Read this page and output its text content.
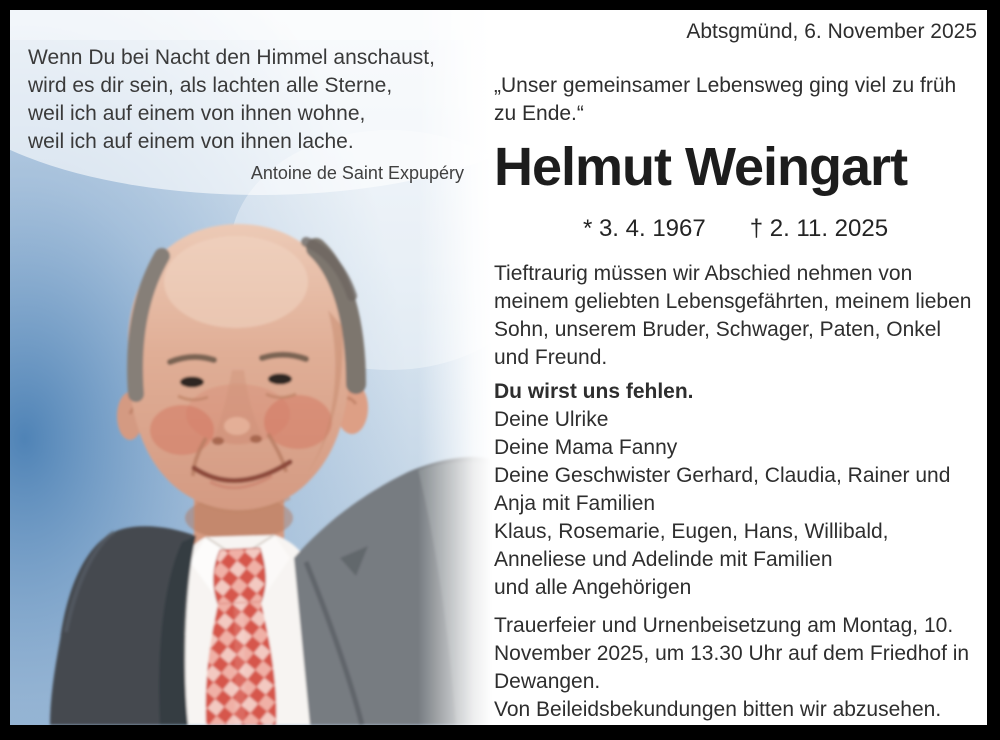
Wenn Du bei Nacht den Himmel anschaust,
wird es dir sein, als lachten alle Sterne,
weil ich auf einem von ihnen wohne,
weil ich auf einem von ihnen lache.
Antoine de Saint Expupéry
Abtsgmünd, 6. November 2025
„Unser gemeinsamer Lebensweg ging viel zu früh zu Ende.“
Helmut Weingart
* 3. 4. 1967 † 2. 11. 2025
Tieftraurig müssen wir Abschied nehmen von meinem geliebten Lebensgefährten, meinem lieben Sohn, unserem Bruder, Schwager, Paten, Onkel und Freund.
Du wirst uns fehlen.
Deine Ulrike
Deine Mama Fanny
Deine Geschwister Gerhard, Claudia, Rainer und Anja mit Familien
Klaus, Rosemarie, Eugen, Hans, Willibald, Anneliese und Adelinde mit Familien
und alle Angehörigen
Trauerfeier und Urnenbeisetzung am Montag, 10. November 2025, um 13.30 Uhr auf dem Friedhof in Dewangen.
Von Beileidsbekundungen bitten wir abzusehen.
